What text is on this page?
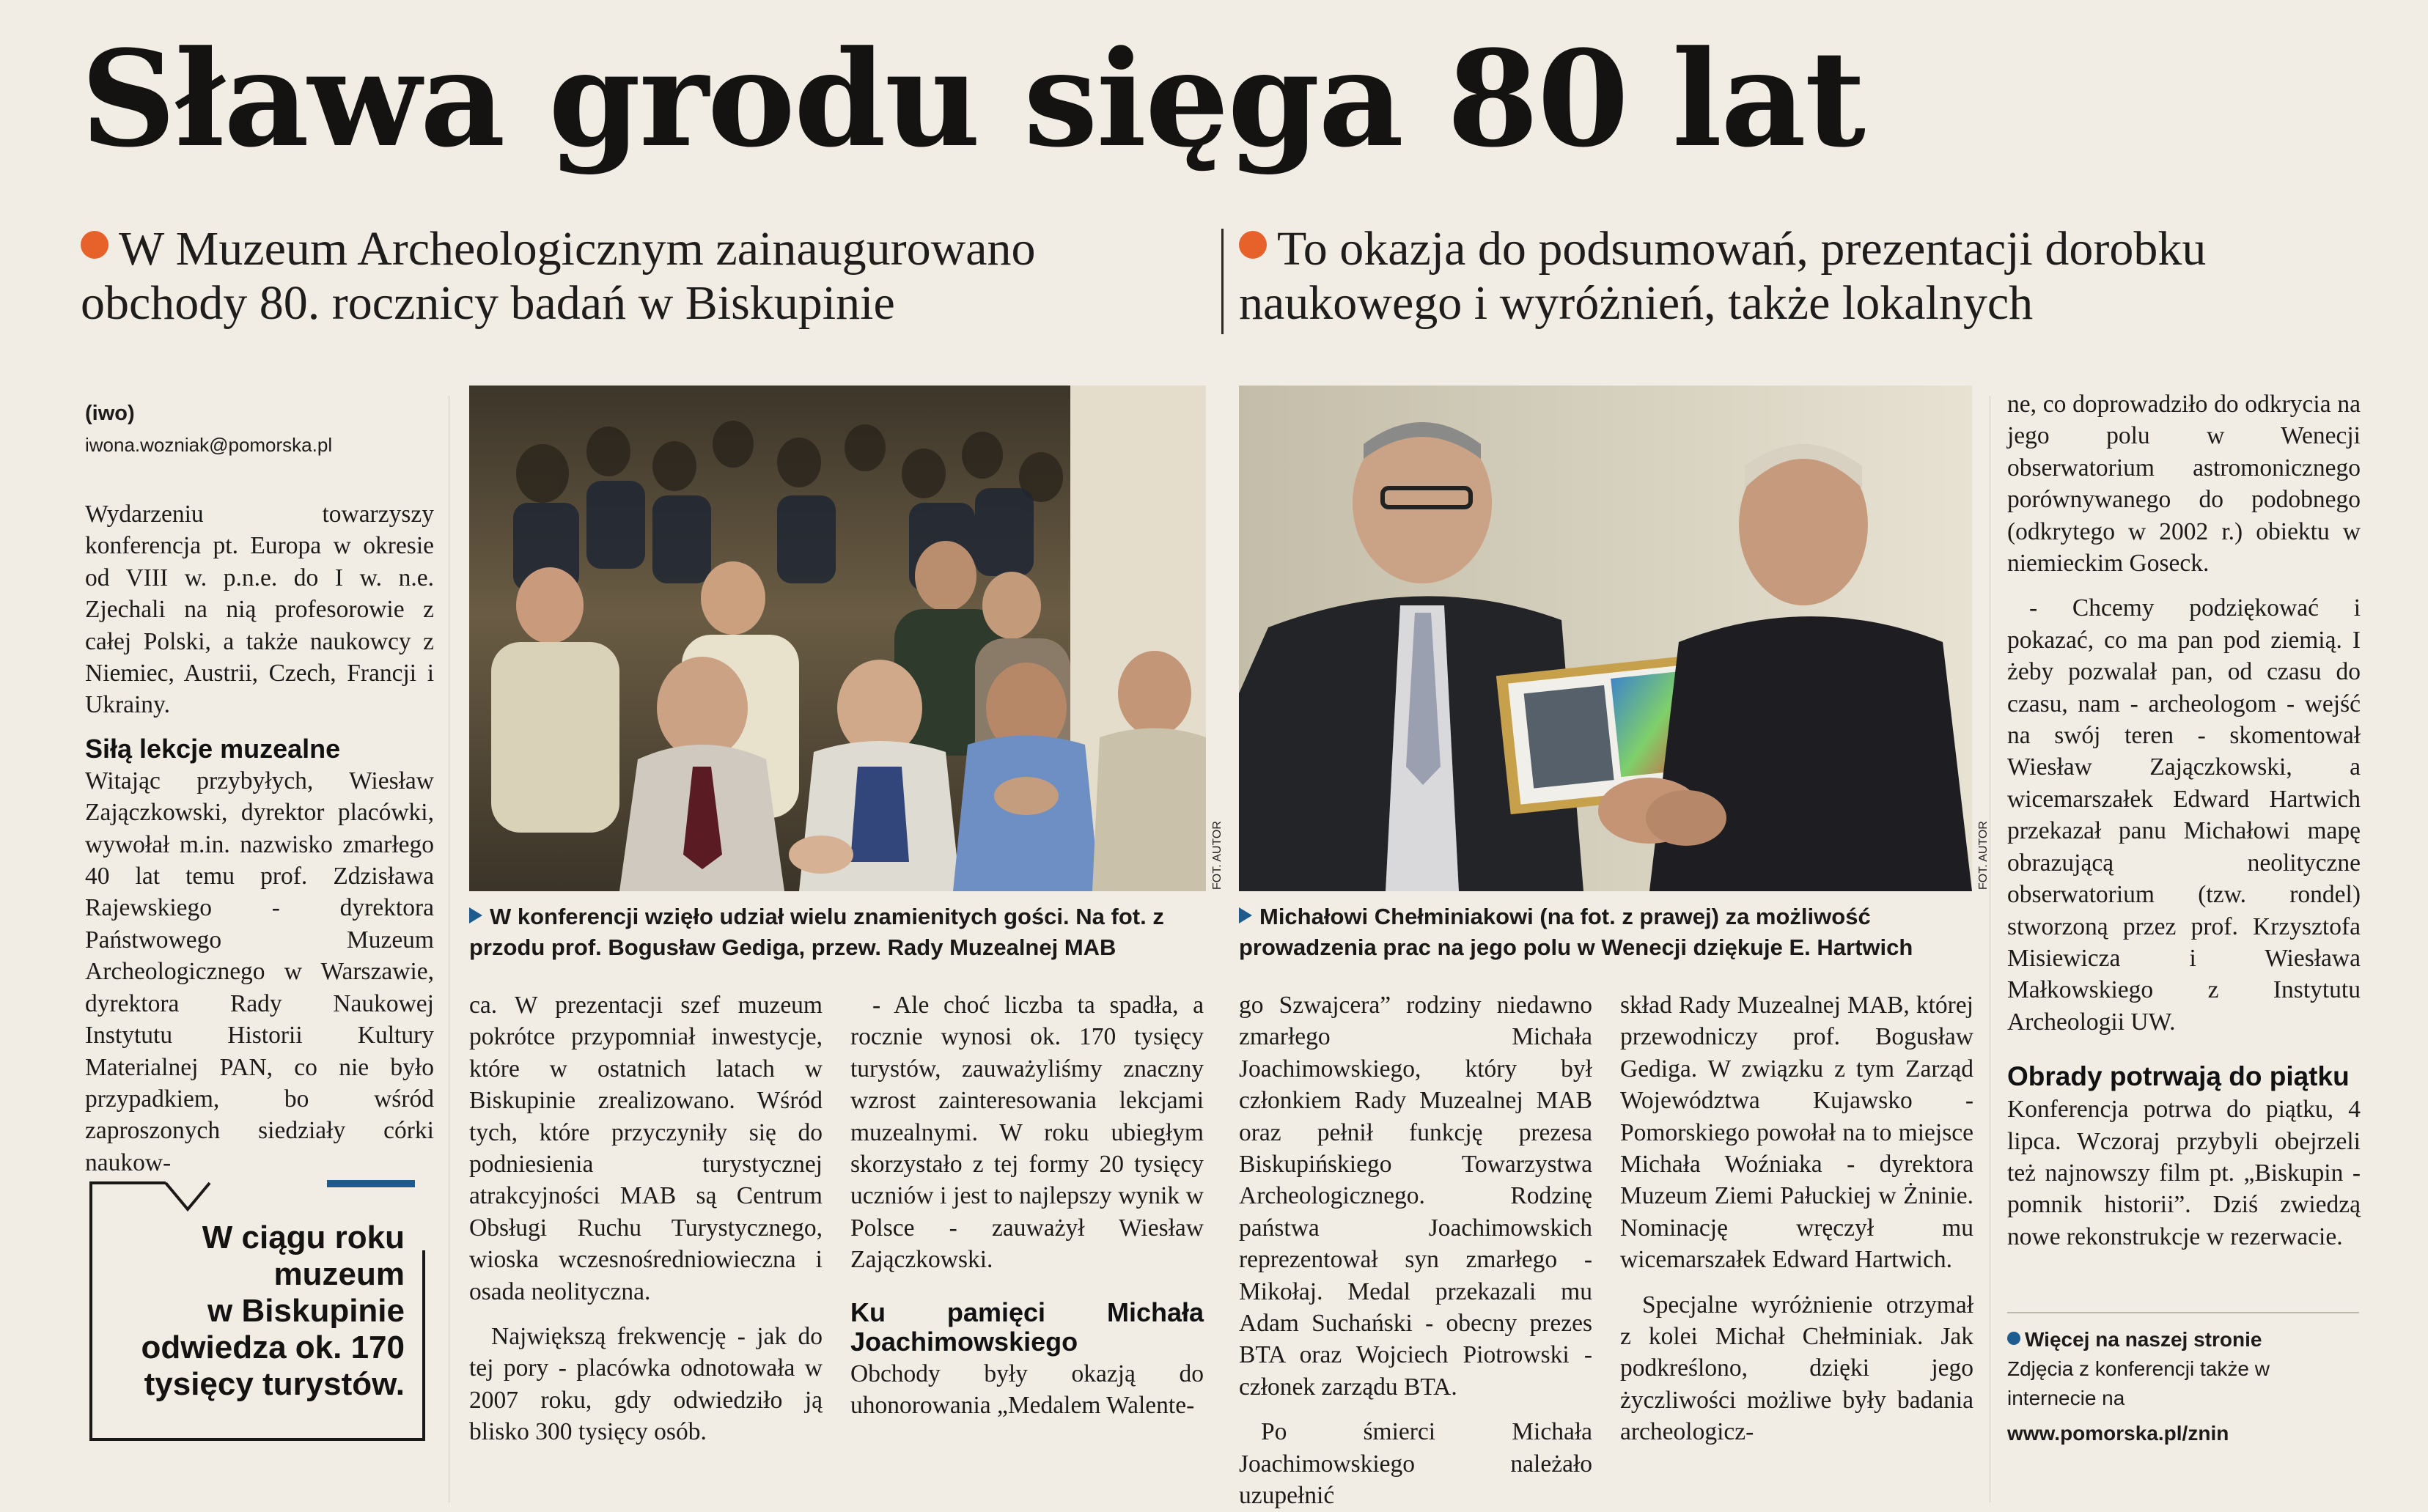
Sława grodu sięga 80 lat
W Muzeum Archeologicznym zainaugurowano
obchody 80. rocznicy badań w Biskupinie
To okazja do podsumowań, prezentacji dorobku
naukowego i wyróżnień, także lokalnych
(iwo)
iwona.wozniak@pomorska.pl

Wydarzeniu towarzyszy konferencja pt. Europa w okresie od VIII w. p.n.e. do I w. n.e. Zjechali na nią profesorowie z całej Polski, a także naukowcy z Niemiec, Austrii, Czech, Francji i Ukrainy.

Siłą lekcje muzealne

Witając przybyłych, Wiesław Zajączkowski, dyrektor placówki, wywołał m.in. nazwisko zmarłego 40 lat temu prof. Zdzisława Rajewskiego - dyrektora Państwowego Muzeum Archeologicznego w Warszawie, dyrektora Rady Naukowej Instytutu Historii Kultury Materialnej PAN, co nie było przypadkiem, bo wśród zaproszonych siedziały córki naukow-

W ciągu roku
muzeum
w Biskupinie
odwiedza ok. 170
tysięcy turystów.
FOT. AUTOR
W konferencji wzięło udział wielu znamienitych gości. Na fot. z przodu prof. Bogusław Gediga, przew. Rady Muzealnej MAB
FOT. AUTOR
Michałowi Chełminiakowi (na fot. z prawej) za możliwość prowadzenia prac na jego polu w Wenecji dziękuje E. Hartwich

ca. W prezentacji szef muzeum pokrótce przypomniał inwestycje, które w ostatnich latach w Biskupinie zrealizowano. Wśród tych, które przyczyniły się do podniesienia turystycznej atrakcyjności MAB są Centrum Obsługi Ruchu Turystycznego, wioska wczesnośredniowieczna i osada neolityczna.

Największą frekwencję - jak do tej pory - placówka odnotowała w 2007 roku, gdy odwiedziło ją blisko 300 tysięcy osób.

- Ale choć liczba ta spadła, a rocznie wynosi ok. 170 tysięcy turystów, zauważyliśmy znaczny wzrost zainteresowania lekcjami muzealnymi. W roku ubiegłym skorzystało z tej formy 20 tysięcy uczniów i jest to najlepszy wynik w Polsce - zauważył Wiesław Zajączkowski.

Ku pamięci Michała Joachimowskiego

Obchody były okazją do uhonorowania „Medalem Walente-

go Szwajcera” rodziny niedawno zmarłego Michała Joachimowskiego, który był członkiem Rady Muzealnej MAB oraz pełnił funkcję prezesa Biskupińskiego Towarzystwa Archeologicznego. Rodzinę państwa Joachimowskich reprezentował syn zmarłego - Mikołaj. Medal przekazali mu Adam Suchański - obecny prezes BTA oraz Wojciech Piotrowski - członek zarządu BTA.

Po śmierci Michała Joachimowskiego należało uzupełnić

skład Rady Muzealnej MAB, której przewodniczy prof. Bogusław Gediga. W związku z tym Zarząd Województwa Kujawsko - Pomorskiego powołał na to miejsce Michała Woźniaka - dyrektora Muzeum Ziemi Pałuckiej w Żninie. Nominację wręczył mu wicemarszałek Edward Hartwich.

Specjalne wyróżnienie otrzymał z kolei Michał Chełminiak. Jak podkreślono, dzięki jego życzliwości możliwe były badania archeologicz-

ne, co doprowadziło do odkrycia na jego polu w Wenecji obserwatorium astromonicznego porównywanego do podobnego (odkrytego w 2002 r.) obiektu w niemieckim Goseck.

- Chcemy podziękować i pokazać, co ma pan pod ziemią. I żeby pozwalał pan, od czasu do czasu, nam - archeologom - wejść na swój teren - skomentował Wiesław Zajączkowski, a wicemarszałek Edward Hartwich przekazał panu Michałowi mapę obrazującą neolityczne obserwatorium (tzw. rondel) stworzoną przez prof. Krzysztofa Misiewicza i Wiesława Małkowskiego z Instytutu Archeologii UW.

Obrady potrwają do piątku

Konferencja potrwa do piątku, 4 lipca. Wczoraj przybyli obejrzeli też najnowszy film pt. „Biskupin - pomnik historii”. Dziś zwiedzą nowe rekonstrukcje w rezerwacie.

Więcej na naszej stronie
Zdjęcia z konferencji także w internecie na
www.pomorska.pl/znin
